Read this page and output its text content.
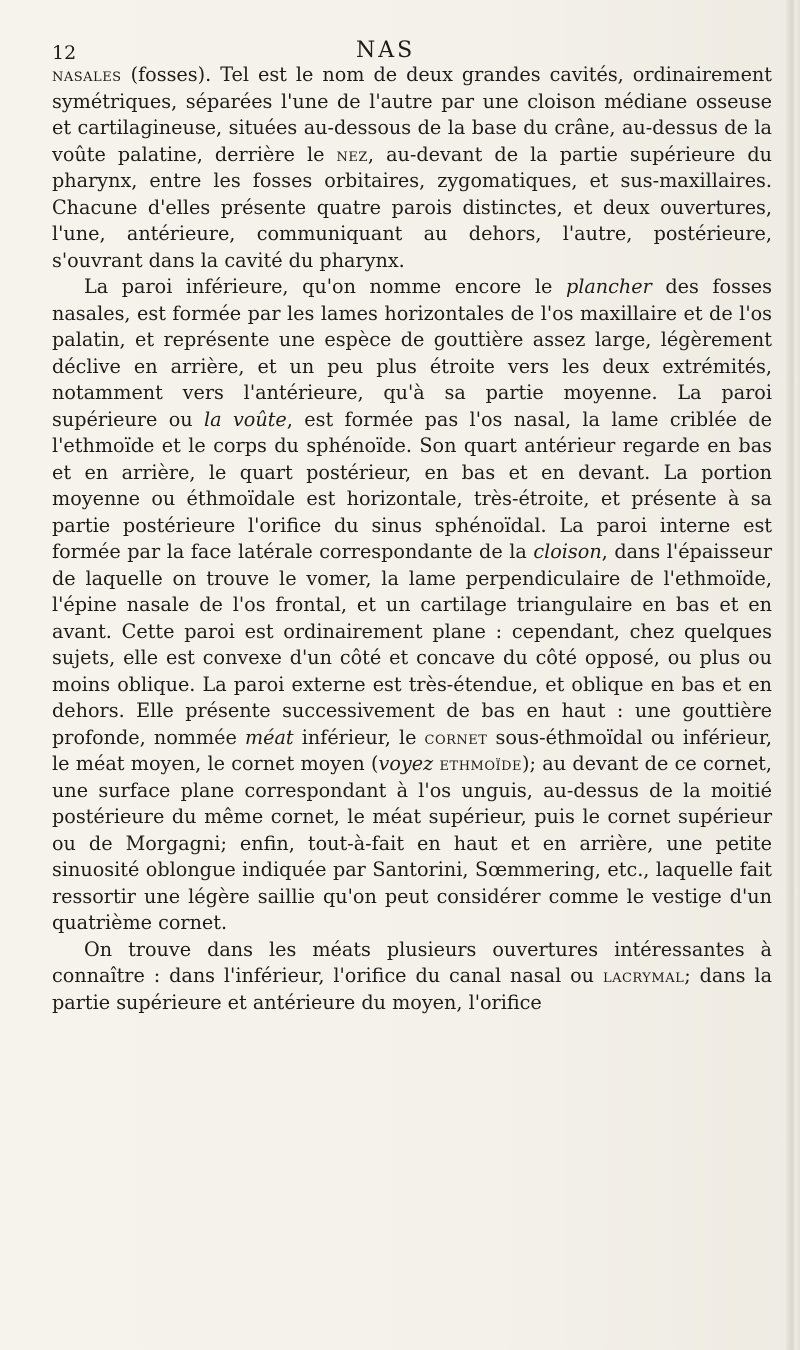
12	NAS

nasales (fosses). Tel est le nom de deux grandes cavités, ordinairement symétriques, séparées l'une de l'autre par une cloison médiane osseuse et cartilagineuse, situées au-dessous de la base du crâne, au-dessus de la voûte palatine, derrière le nez, au-devant de la partie supérieure du pharynx, entre les fosses orbitaires, zygomatiques, et sus-maxillaires. Chacune d'elles présente quatre parois distinctes, et deux ouvertures, l'une, antérieure, communiquant au dehors, l'autre, postérieure, s'ouvrant dans la cavité du pharynx.

La paroi inférieure, qu'on nomme encore le plancher des fosses nasales, est formée par les lames horizontales de l'os maxillaire et de l'os palatin, et représente une espèce de gouttière assez large, légèrement déclive en arrière, et un peu plus étroite vers les deux extrémités, notamment vers l'antérieure, qu'à sa partie moyenne. La paroi supérieure ou la voûte, est formée pas l'os nasal, la lame criblée de l'ethmoïde et le corps du sphénoïde. Son quart antérieur regarde en bas et en arrière, le quart postérieur, en bas et en devant. La portion moyenne ou éthmoïdale est horizontale, très-étroite, et présente à sa partie postérieure l'orifice du sinus sphénoïdal. La paroi interne est formée par la face latérale correspondante de la cloison, dans l'épaisseur de laquelle on trouve le vomer, la lame perpendiculaire de l'ethmoïde, l'épine nasale de l'os frontal, et un cartilage triangulaire en bas et en avant. Cette paroi est ordinairement plane : cependant, chez quelques sujets, elle est convexe d'un côté et concave du côté opposé, ou plus ou moins oblique. La paroi externe est très-étendue, et oblique en bas et en dehors. Elle présente successivement de bas en haut : une gouttière profonde, nommée méat inférieur, le cornet sous-éthmoïdal ou inférieur, le méat moyen, le cornet moyen (voyez ethmoïde); au devant de ce cornet, une surface plane correspondant à l'os unguis, au-dessus de la moitié postérieure du même cornet, le méat supérieur, puis le cornet supérieur ou de Morgagni; enfin, tout-à-fait en haut et en arrière, une petite sinuosité oblongue indiquée par Santorini, Sœmmering, etc., laquelle fait ressortir une légère saillie qu'on peut considérer comme le vestige d'un quatrième cornet.

On trouve dans les méats plusieurs ouvertures intéressantes à connaître : dans l'inférieur, l'orifice du canal nasal ou lacrymal; dans la partie supérieure et antérieure du moyen, l'orifice
